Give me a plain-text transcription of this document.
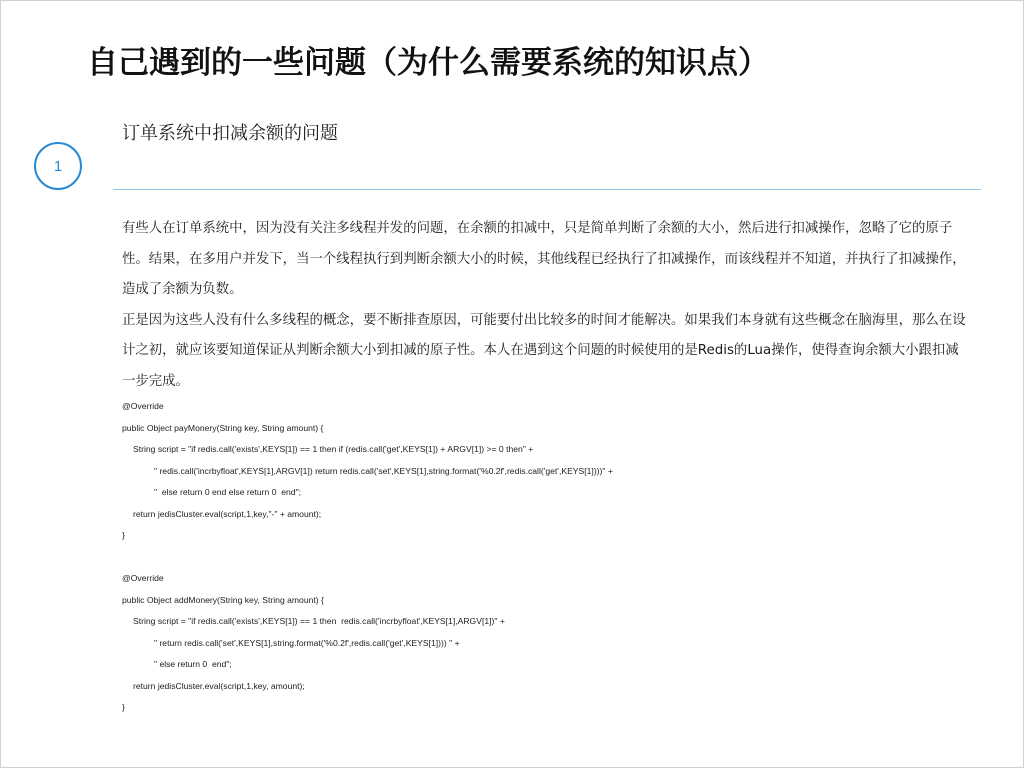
自己遇到的一些问题（为什么需要系统的知识点）
1
订单系统中扣减余额的问题

有些人在订单系统中，因为没有关注多线程并发的问题，在余额的扣减中，只是简单判断了余额的大小，然后进行扣减操作，忽略了它的原子性。结果，在多用户并发下，当一个线程执行到判断余额大小的时候，其他线程已经执行了扣减操作，而该线程并不知道，并执行了扣减操作，造成了余额为负数。

正是因为这些人没有什么多线程的概念，要不断排查原因，可能要付出比较多的时间才能解决。如果我们本身就有这些概念在脑海里，那么在设计之初，就应该要知道保证从判断余额大小到扣减的原子性。本人在遇到这个问题的时候使用的是Redis的Lua操作，使得查询余额大小跟扣减一步完成。

@Override
public Object payMonery(String key, String amount) {
String script = "if redis.call('exists',KEYS[1]) == 1 then if (redis.call('get',KEYS[1]) + ARGV[1]) >= 0 then" +
" redis.call('incrbyfloat',KEYS[1],ARGV[1]) return redis.call('set',KEYS[1],string.format('%0.2f',redis.call('get',KEYS[1])))" +
"  else return 0 end else return 0  end";
return jedisCluster.eval(script,1,key,"-" + amount);
}
@Override
public Object addMonery(String key, String amount) {
String script = "if redis.call('exists',KEYS[1]) == 1 then  redis.call('incrbyfloat',KEYS[1],ARGV[1])" +
" return redis.call('set',KEYS[1],string.format('%0.2f',redis.call('get',KEYS[1]))) " +
" else return 0  end";
return jedisCluster.eval(script,1,key, amount);
}
